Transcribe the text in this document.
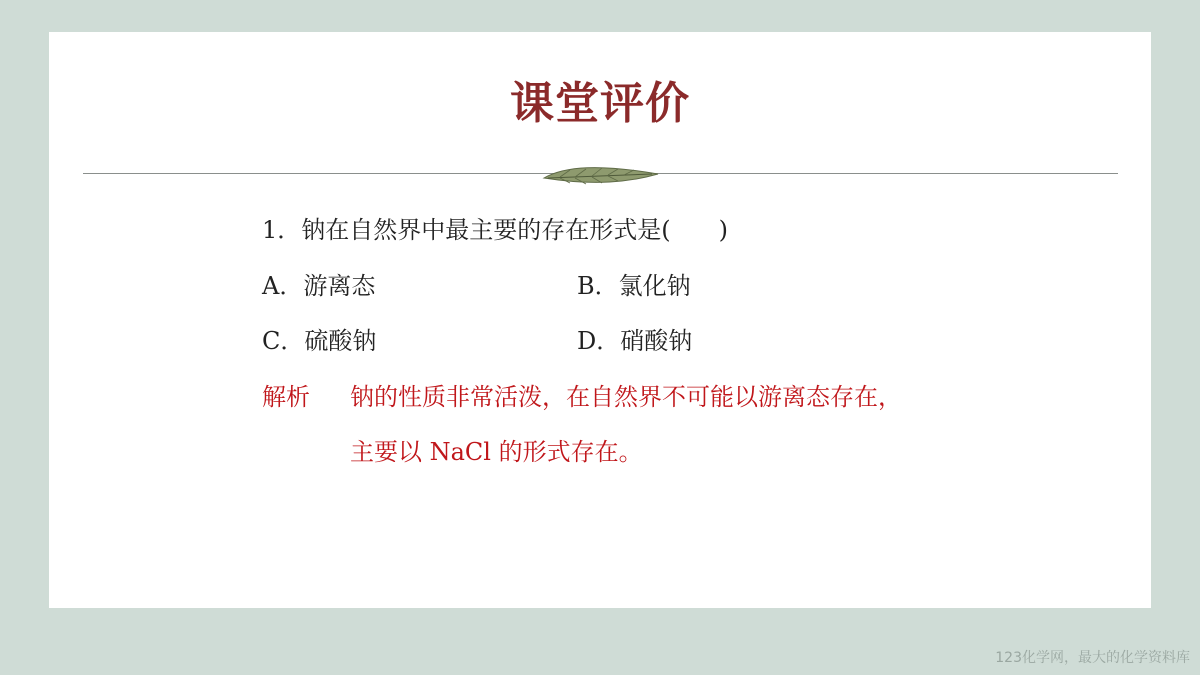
课堂评价
1．钠在自然界中最主要的存在形式是(　　)
A．游离态	B．氯化钠
C．硫酸钠	D．硝酸钠
解析 钠的性质非常活泼，在自然界不可能以游离态存在，
主要以 NaCl 的形式存在。
123化学网，最大的化学资料库
